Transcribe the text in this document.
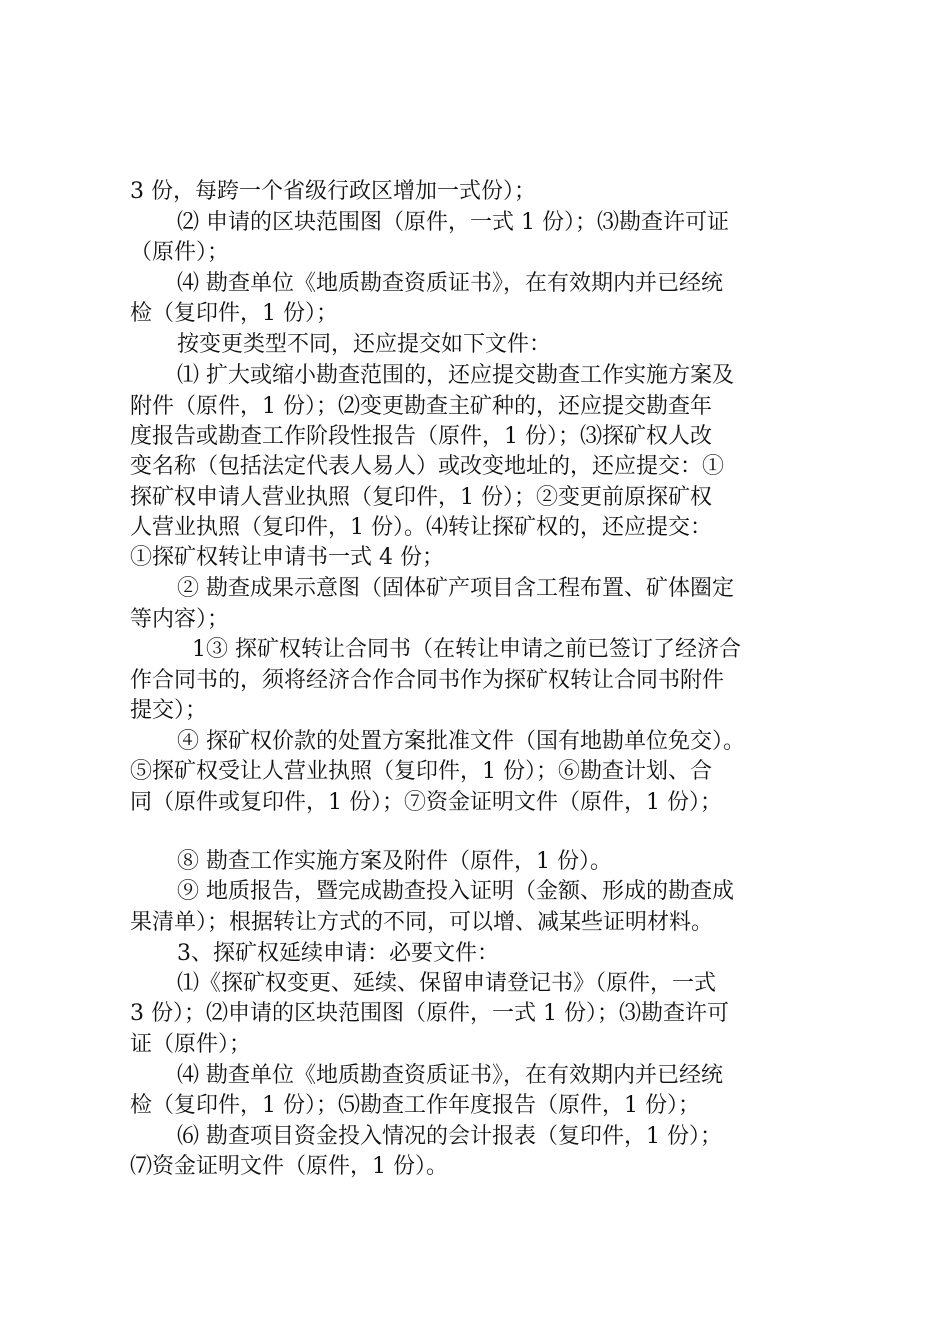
3 份，每跨一个省级行政区增加一式份）；
⑵ 申请的区块范围图（原件，一式 1 份）；⑶勘查许可证
（原件）；
⑷ 勘查单位《地质勘查资质证书》，在有效期内并已经统
检（复印件，1 份）；
按变更类型不同，还应提交如下文件：
⑴ 扩大或缩小勘查范围的，还应提交勘查工作实施方案及
附件（原件，1 份）；⑵变更勘查主矿种的，还应提交勘查年
度报告或勘查工作阶段性报告（原件，1 份）；⑶探矿权人改
变名称（包括法定代表人易人）或改变地址的，还应提交：①
探矿权申请人营业执照（复印件，1 份）；②变更前原探矿权
人营业执照（复印件，1 份）。⑷转让探矿权的，还应提交：
①探矿权转让申请书一式 4 份；
② 勘查成果示意图（固体矿产项目含工程布置、矿体圈定
等内容）；
1③ 探矿权转让合同书（在转让申请之前已签订了经济合
作合同书的，须将经济合作合同书作为探矿权转让合同书附件
提交）；
④ 探矿权价款的处置方案批准文件（国有地勘单位免交）。
⑤探矿权受让人营业执照（复印件，1 份）；⑥勘查计划、合
同（原件或复印件，1 份）；⑦资金证明文件（原件，1 份）；
⑧ 勘查工作实施方案及附件（原件，1 份）。
⑨ 地质报告，暨完成勘查投入证明（金额、形成的勘查成
果清单）；根据转让方式的不同，可以增、减某些证明材料。
3、探矿权延续申请：必要文件：
⑴《探矿权变更、延续、保留申请登记书》（原件，一式
3 份）；⑵申请的区块范围图（原件，一式 1 份）；⑶勘查许可
证（原件）；
⑷ 勘查单位《地质勘查资质证书》，在有效期内并已经统
检（复印件，1 份）；⑸勘查工作年度报告（原件，1 份）；
⑹ 勘查项目资金投入情况的会计报表（复印件，1 份）；
⑺资金证明文件（原件，1 份）。
